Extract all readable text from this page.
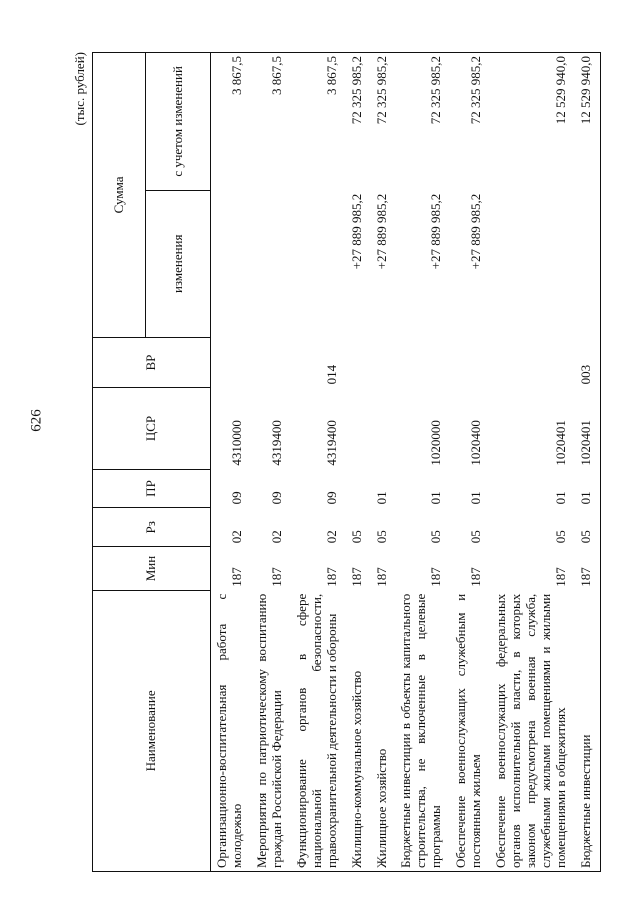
626
(тыс. рублей)
Наименование	Мин	Рз	ПР	ЦСР	ВР	Сумма	
						изменения	с учетом изменений
Организационно-воспитательная работа с молодежью	187	02	09	4310000			3 867,5
Мероприятия по патриотическому воспитанию граждан Российской Федерации	187	02	09	4319400			3 867,5
Функционирование органов в сфере национальной безопасности, правоохранительной деятельности и обороны	187	02	09	4319400	014		3 867,5
Жилищно-коммунальное хозяйство	187	05				+27 889 985,2	72 325 985,2
Жилищное хозяйство	187	05	01			+27 889 985,2	72 325 985,2
Бюджетные инвестиции в объекты капитального строительства, не включенные в целевые программы	187	05	01	1020000		+27 889 985,2	72 325 985,2
Обеспечение военнослужащих служебным и постоянным жильем	187	05	01	1020400		+27 889 985,2	72 325 985,2
Обеспечение военнослужащих федеральных органов исполнительной власти, в которых законом предусмотрена военная служба, служебными жилыми помещениями и жилыми помещениями в общежитиях	187	05	01	1020401			12 529 940,0
Бюджетные инвестиции	187	05	01	1020401	003		12 529 940,0
